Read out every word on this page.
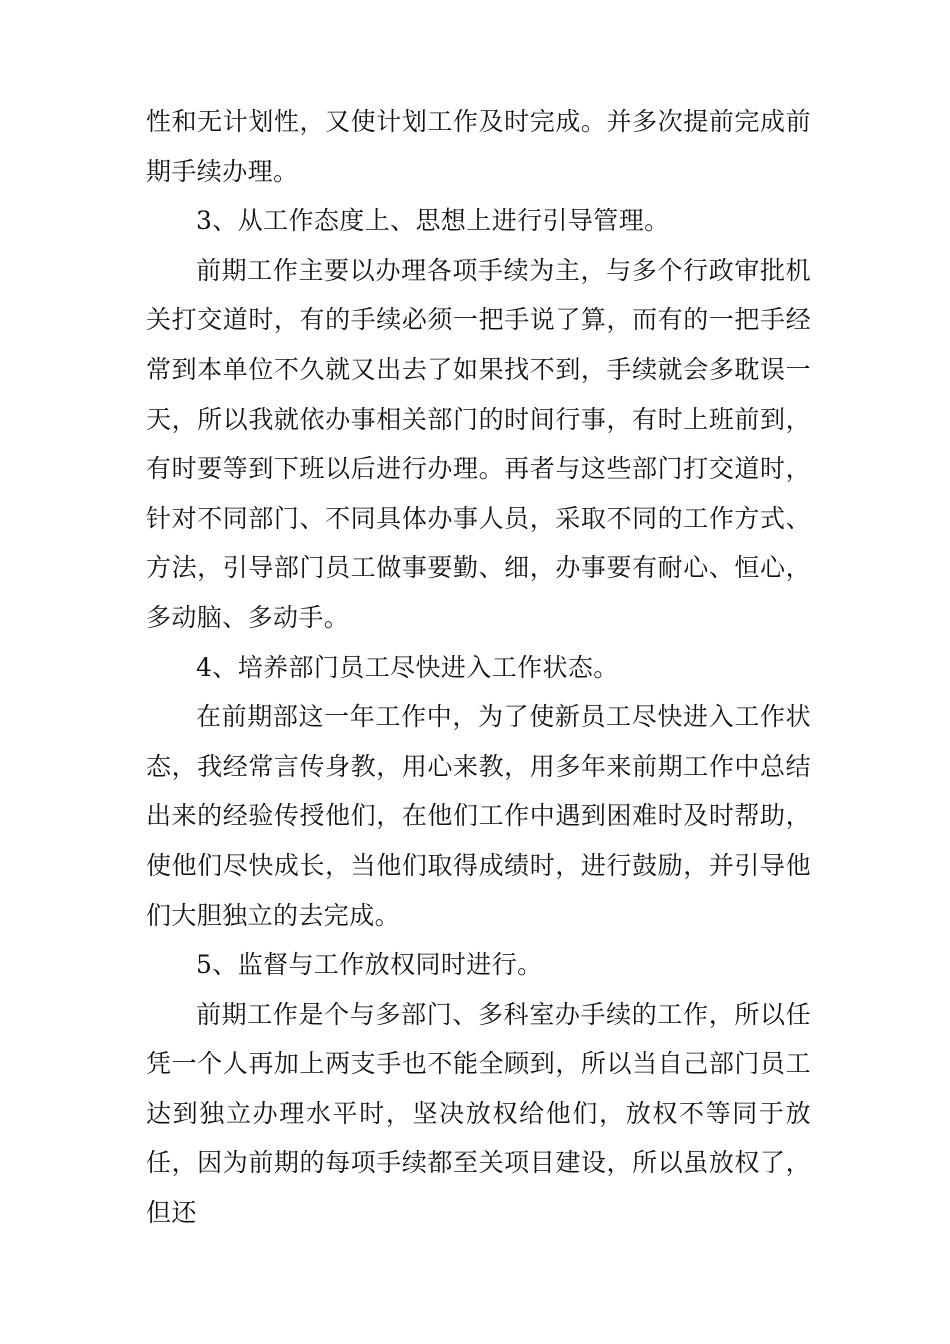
性和无计划性，又使计划工作及时完成。并多次提前完成前期手续办理。

3、从工作态度上、思想上进行引导管理。

前期工作主要以办理各项手续为主，与多个行政审批机关打交道时，有的手续必须一把手说了算，而有的一把手经常到本单位不久就又出去了如果找不到，手续就会多耽误一天，所以我就依办事相关部门的时间行事，有时上班前到，有时要等到下班以后进行办理。再者与这些部门打交道时，针对不同部门、不同具体办事人员，采取不同的工作方式、方法，引导部门员工做事要勤、细，办事要有耐心、恒心，多动脑、多动手。

4、培养部门员工尽快进入工作状态。

在前期部这一年工作中，为了使新员工尽快进入工作状态，我经常言传身教，用心来教，用多年来前期工作中总结出来的经验传授他们，在他们工作中遇到困难时及时帮助，使他们尽快成长，当他们取得成绩时，进行鼓励，并引导他们大胆独立的去完成。

5、监督与工作放权同时进行。

前期工作是个与多部门、多科室办手续的工作，所以任凭一个人再加上两支手也不能全顾到，所以当自己部门员工达到独立办理水平时，坚决放权给他们，放权不等同于放任，因为前期的每项手续都至关项目建设，所以虽放权了，但还
